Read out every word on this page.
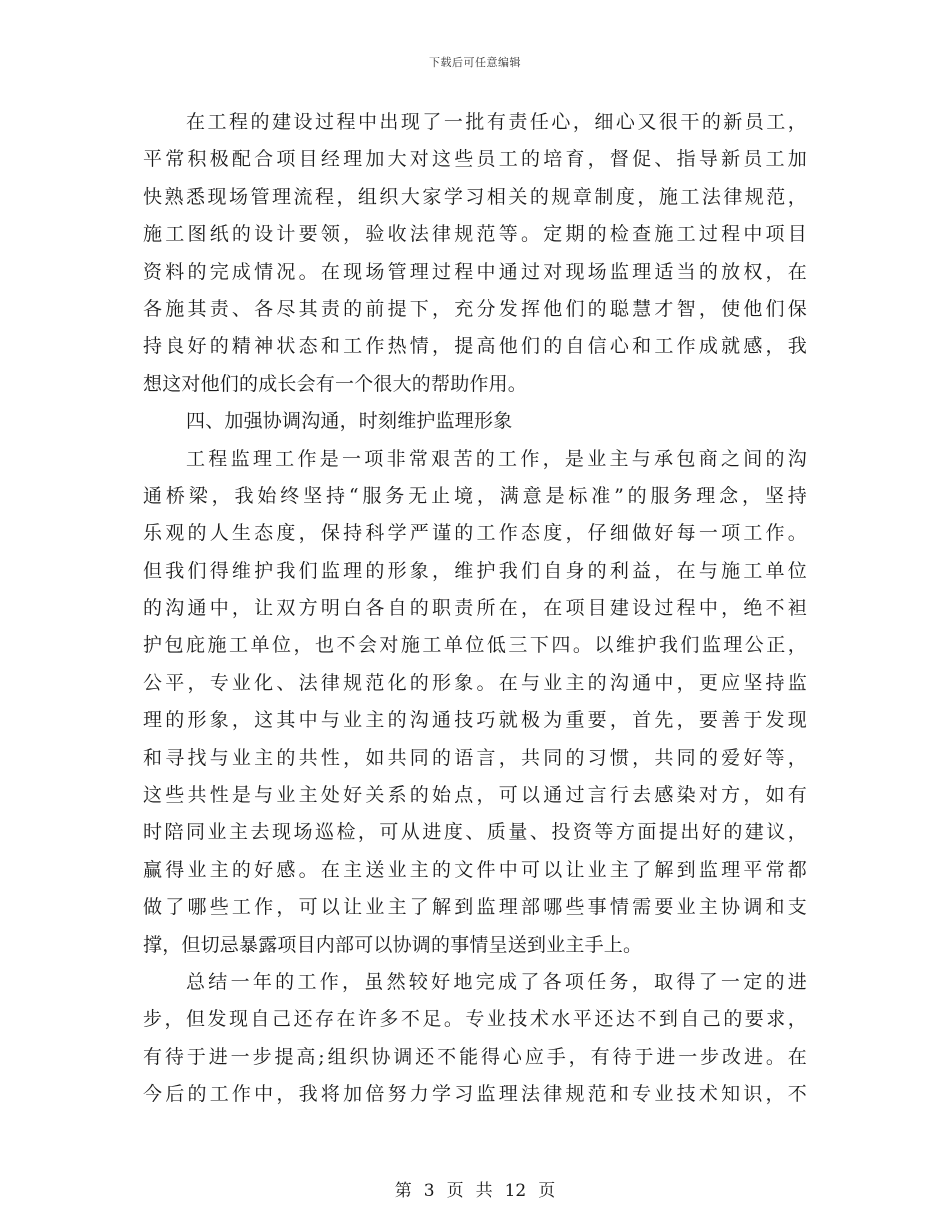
下载后可任意编辑
在工程的建设过程中出现了一批有责任心，细心又很干的新员工，
平常积极配合项目经理加大对这些员工的培育，督促、指导新员工加
快熟悉现场管理流程，组织大家学习相关的规章制度，施工法律规范，
施工图纸的设计要领，验收法律规范等。定期的检查施工过程中项目
资料的完成情况。在现场管理过程中通过对现场监理适当的放权，在
各施其责、各尽其责的前提下，充分发挥他们的聪慧才智，使他们保
持良好的精神状态和工作热情，提高他们的自信心和工作成就感，我
想这对他们的成长会有一个很大的帮助作用。
四、加强协调沟通，时刻维护监理形象
工程监理工作是一项非常艰苦的工作，是业主与承包商之间的沟
通桥梁，我始终坚持“服务无止境，满意是标准”的服务理念，坚持
乐观的人生态度，保持科学严谨的工作态度，仔细做好每一项工作。
但我们得维护我们监理的形象，维护我们自身的利益，在与施工单位
的沟通中，让双方明白各自的职责所在，在项目建设过程中，绝不袒
护包庇施工单位，也不会对施工单位低三下四。以维护我们监理公正，
公平，专业化、法律规范化的形象。在与业主的沟通中，更应坚持监
理的形象，这其中与业主的沟通技巧就极为重要，首先，要善于发现
和寻找与业主的共性，如共同的语言，共同的习惯，共同的爱好等，
这些共性是与业主处好关系的始点，可以通过言行去感染对方，如有
时陪同业主去现场巡检，可从进度、质量、投资等方面提出好的建议，
赢得业主的好感。在主送业主的文件中可以让业主了解到监理平常都
做了哪些工作，可以让业主了解到监理部哪些事情需要业主协调和支
撑，但切忌暴露项目内部可以协调的事情呈送到业主手上。
总结一年的工作，虽然较好地完成了各项任务，取得了一定的进
步，但发现自己还存在许多不足。专业技术水平还达不到自己的要求，
有待于进一步提高;组织协调还不能得心应手，有待于进一步改进。在
今后的工作中，我将加倍努力学习监理法律规范和专业技术知识，不
第 3 页 共 12 页
